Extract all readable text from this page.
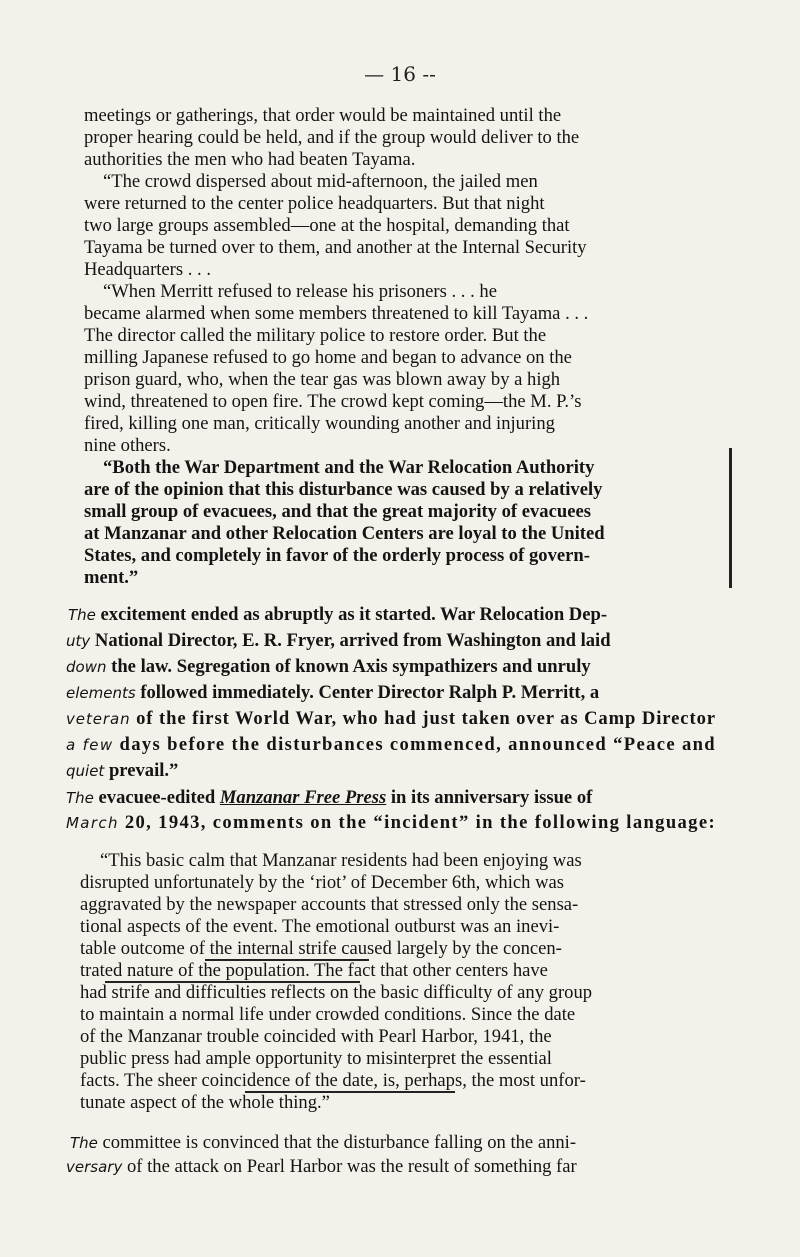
— 16 --
meetings or gatherings, that order would be maintained until the
proper hearing could be held, and if the group would deliver to the
authorities the men who had beaten Tayama.
“The crowd dispersed about mid-afternoon, the jailed men
were returned to the center police headquarters. But that night
two large groups assembled—one at the hospital, demanding that
Tayama be turned over to them, and another at the Internal Security
Headquarters . . .
“When Merritt refused to release his prisoners . . . he
became alarmed when some members threatened to kill Tayama . . .
The director called the military police to restore order. But the
milling Japanese refused to go home and began to advance on the
prison guard, who, when the tear gas was blown away by a high
wind, threatened to open fire. The crowd kept coming—the M. P.’s
fired, killing one man, critically wounding another and injuring
nine others.
“Both the War Department and the War Relocation Authority
are of the opinion that this disturbance was caused by a relatively
small group of evacuees, and that the great majority of evacuees
at Manzanar and other Relocation Centers are loyal to the United
States, and completely in favor of the orderly process of govern-
ment.”
The excitement ended as abruptly as it started. War Relocation Dep-
uty National Director, E. R. Fryer, arrived from Washington and laid
down the law. Segregation of known Axis sympathizers and unruly
elements followed immediately. Center Director Ralph P. Merritt, a
veteran of the first World War, who had just taken over as Camp Director
a few days before the disturbances commenced, announced “Peace and
quiet prevail.”
The evacuee-edited Manzanar Free Press in its anniversary issue of
March 20, 1943, comments on the “incident” in the following language:
“This basic calm that Manzanar residents had been enjoying was
disrupted unfortunately by the ‘riot’ of December 6th, which was
aggravated by the newspaper accounts that stressed only the sensa-
tional aspects of the event. The emotional outburst was an inevi-
table outcome of the internal strife caused largely by the concen-
trated nature of the population. The fact that other centers have
had strife and difficulties reflects on the basic difficulty of any group
to maintain a normal life under crowded conditions. Since the date
of the Manzanar trouble coincided with Pearl Harbor, 1941, the
public press had ample opportunity to misinterpret the essential
facts. The sheer coincidence of the date, is, perhaps, the most unfor-
tunate aspect of the whole thing.”
The committee is convinced that the disturbance falling on the anni-
versary of the attack on Pearl Harbor was the result of something far
